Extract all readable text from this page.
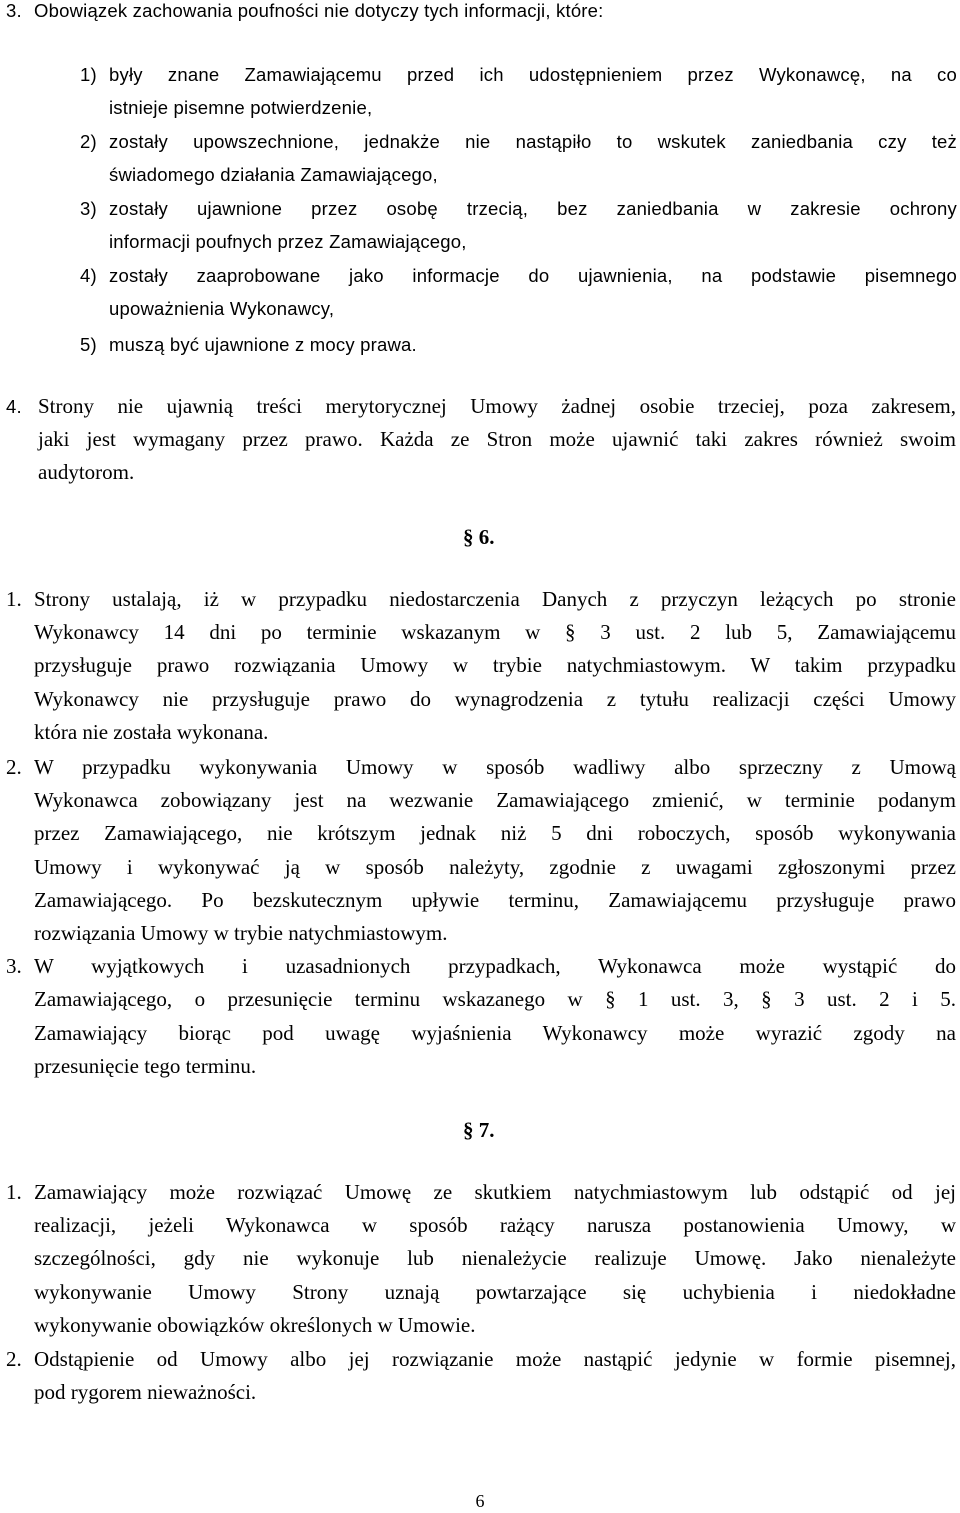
3. Obowiązek zachowania poufności nie dotyczy tych informacji, które:
1) były znane Zamawiającemu przed ich udostępnieniem przez Wykonawcę, na co
istnieje pisemne potwierdzenie,
2) zostały upowszechnione, jednakże nie nastąpiło to wskutek zaniedbania czy też
świadomego działania Zamawiającego,
3) zostały ujawnione przez osobę trzecią, bez zaniedbania w zakresie ochrony
informacji poufnych przez Zamawiającego,
4) zostały zaaprobowane jako informacje do ujawnienia, na podstawie pisemnego
upoważnienia Wykonawcy,
5) muszą być ujawnione z mocy prawa.
4. Strony nie ujawnią treści merytorycznej Umowy żadnej osobie trzeciej, poza zakresem,
jaki jest wymagany przez prawo. Każda ze Stron może ujawnić taki zakres również swoim
audytorom.
§ 6.
1. Strony ustalają, iż w przypadku niedostarczenia Danych z przyczyn leżących po stronie
Wykonawcy 14 dni po terminie wskazanym w § 3 ust. 2 lub 5, Zamawiającemu
przysługuje prawo rozwiązania Umowy w trybie natychmiastowym. W takim przypadku
Wykonawcy nie przysługuje prawo do wynagrodzenia z tytułu realizacji części Umowy
która nie została wykonana.
2. W przypadku wykonywania Umowy w sposób wadliwy albo sprzeczny z Umową
Wykonawca zobowiązany jest na wezwanie Zamawiającego zmienić, w terminie podanym
przez Zamawiającego, nie krótszym jednak niż 5 dni roboczych, sposób wykonywania
Umowy i wykonywać ją w sposób należyty, zgodnie z uwagami zgłoszonymi przez
Zamawiającego. Po bezskutecznym upływie terminu, Zamawiającemu przysługuje prawo
rozwiązania Umowy w trybie natychmiastowym.
3. W wyjątkowych i uzasadnionych przypadkach, Wykonawca może wystąpić do
Zamawiającego, o przesunięcie terminu wskazanego w § 1 ust. 3, § 3 ust. 2 i 5.
Zamawiający biorąc pod uwagę wyjaśnienia Wykonawcy może wyrazić zgody na
przesunięcie tego terminu.
§ 7.
1. Zamawiający może rozwiązać Umowę ze skutkiem natychmiastowym lub odstąpić od jej
realizacji, jeżeli Wykonawca w sposób rażący narusza postanowienia Umowy, w
szczególności, gdy nie wykonuje lub nienależycie realizuje Umowę. Jako nienależyte
wykonywanie Umowy Strony uznają powtarzające się uchybienia i niedokładne
wykonywanie obowiązków określonych w Umowie.
2. Odstąpienie od Umowy albo jej rozwiązanie może nastąpić jedynie w formie pisemnej,
pod rygorem nieważności.
6
